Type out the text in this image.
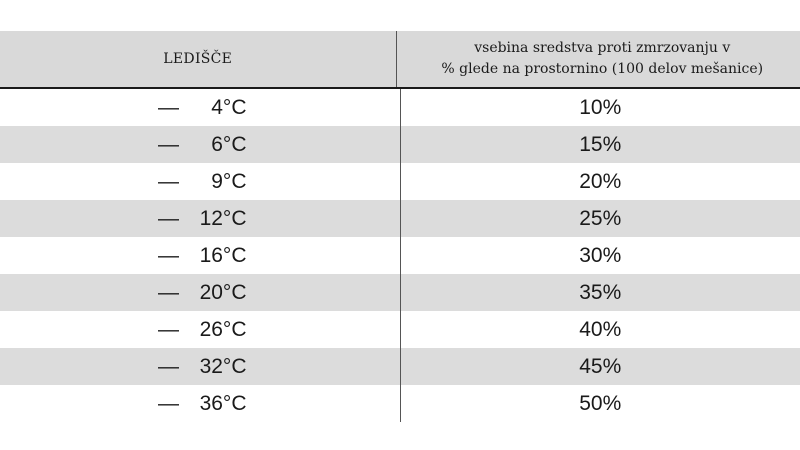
LEDIŠČE
vsebina sredstva proti zmrzovanju v
% glede na prostornino (100 delov mešanice)
— 4°C	10%
— 6°C	15%
— 9°C	20%
— 12°C	25%
— 16°C	30%
— 20°C	35%
— 26°C	40%
— 32°C	45%
— 36°C	50%
